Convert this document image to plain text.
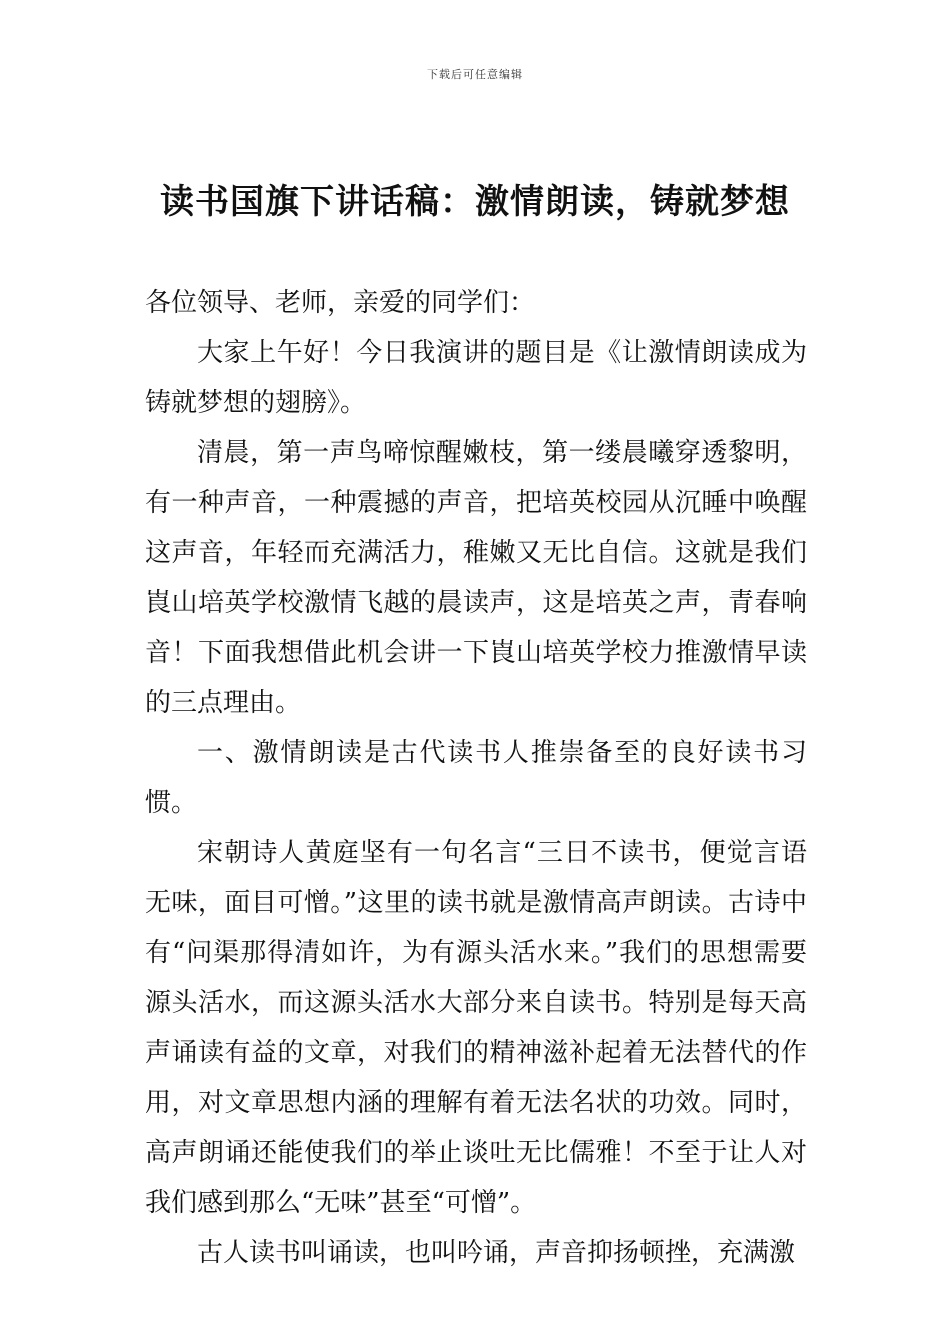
下载后可任意编辑
读书国旗下讲话稿：激情朗读，铸就梦想

各位领导、老师，亲爱的同学们：

大家上午好！今日我演讲的题目是《让激情朗读成为铸就梦想的翅膀》。

清晨，第一声鸟啼惊醒嫩枝，第一缕晨曦穿透黎明，有一种声音，一种震撼的声音，把培英校园从沉睡中唤醒这声音，年轻而充满活力，稚嫩又无比自信。这就是我们崀山培英学校激情飞越的晨读声，这是培英之声，青春响音！下面我想借此机会讲一下崀山培英学校力推激情早读的三点理由。

一、激情朗读是古代读书人推崇备至的良好读书习惯。

宋朝诗人黄庭坚有一句名言“三日不读书，便觉言语无味，面目可憎。”这里的读书就是激情高声朗读。古诗中有“问渠那得清如许，为有源头活水来。”我们的思想需要源头活水，而这源头活水大部分来自读书。特别是每天高声诵读有益的文章，对我们的精神滋补起着无法替代的作用，对文章思想内涵的理解有着无法名状的功效。同时，高声朗诵还能使我们的举止谈吐无比儒雅！不至于让人对我们感到那么“无味”甚至“可憎”。

古人读书叫诵读，也叫吟诵，声音抑扬顿挫，充满激
